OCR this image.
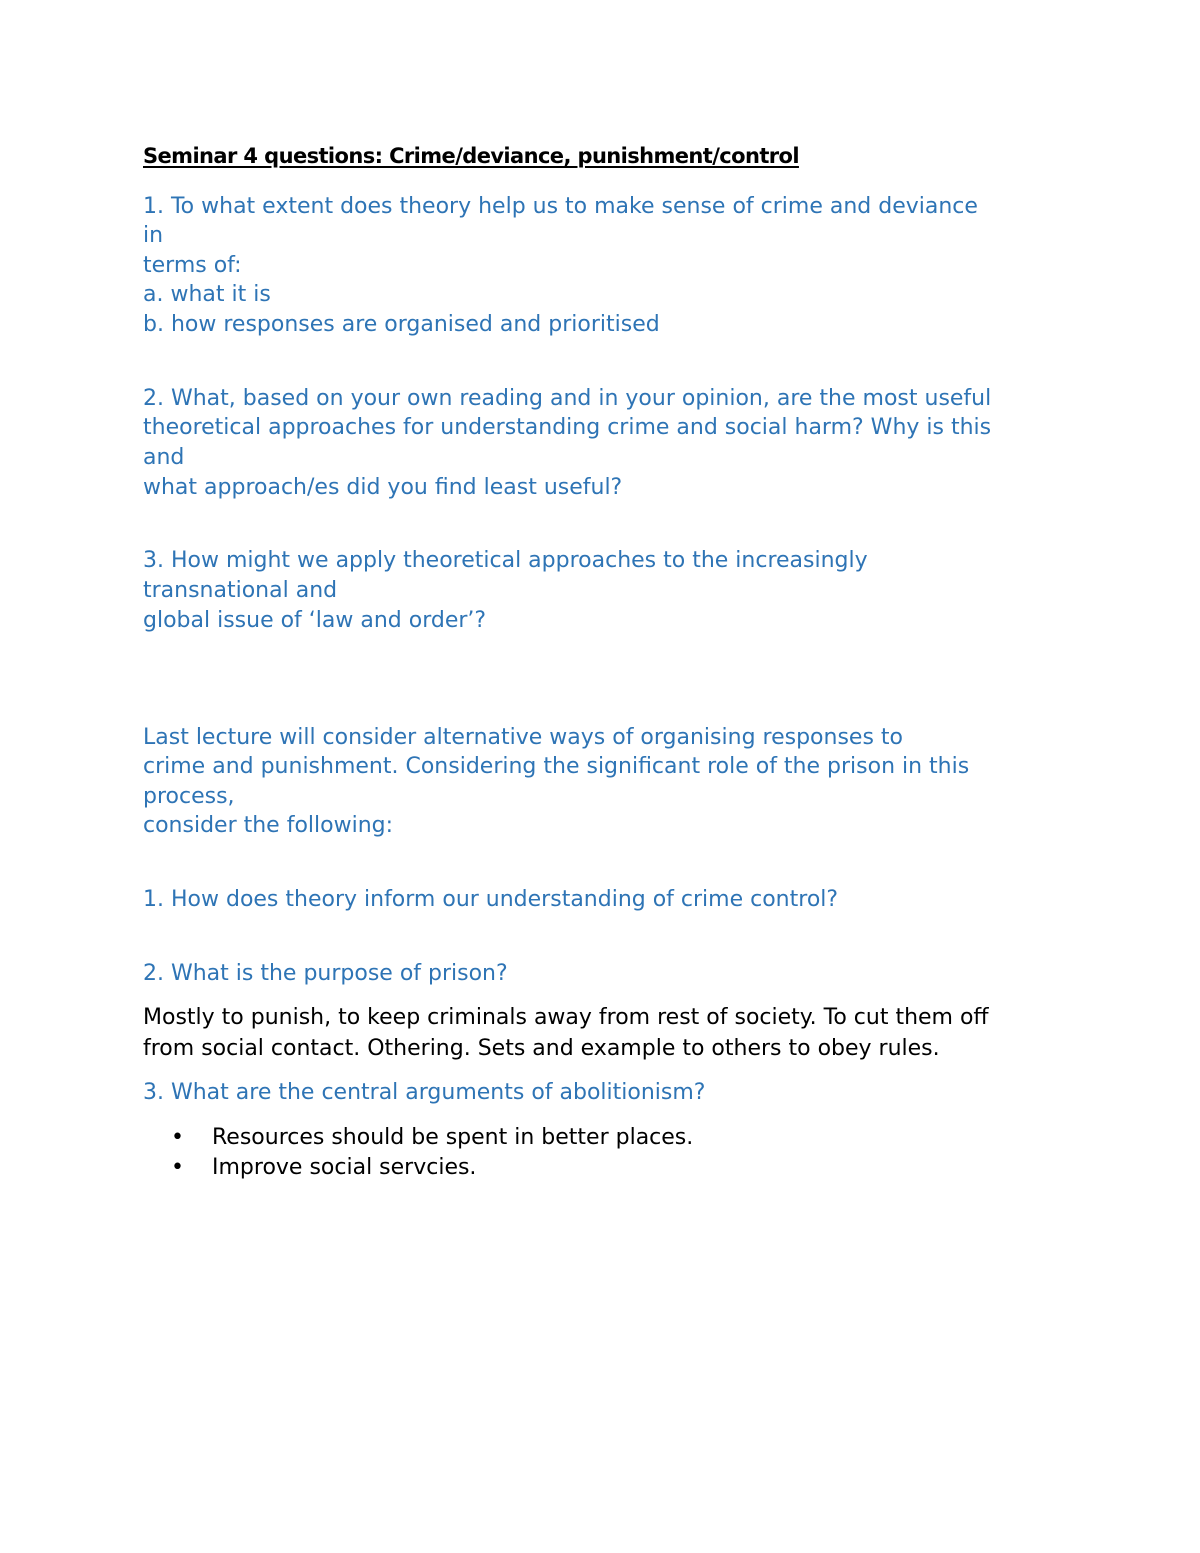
Seminar 4 questions: Crime/deviance, punishment/control
1. To what extent does theory help us to make sense of crime and deviance
in
terms of:
a. what it is
b. how responses are organised and prioritised
2. What, based on your own reading and in your opinion, are the most useful
theoretical approaches for understanding crime and social harm? Why is this
and
what approach/es did you find least useful?
3. How might we apply theoretical approaches to the increasingly
transnational and
global issue of ‘law and order’?
Last lecture will consider alternative ways of organising responses to
crime and punishment. Considering the significant role of the prison in this
process,
consider the following:
1. How does theory inform our understanding of crime control?
2. What is the purpose of prison?
Mostly to punish, to keep criminals away from rest of society. To cut them off
from social contact. Othering. Sets and example to others to obey rules.
3. What are the central arguments of abolitionism?
• Resources should be spent in better places.
• Improve social servcies.
